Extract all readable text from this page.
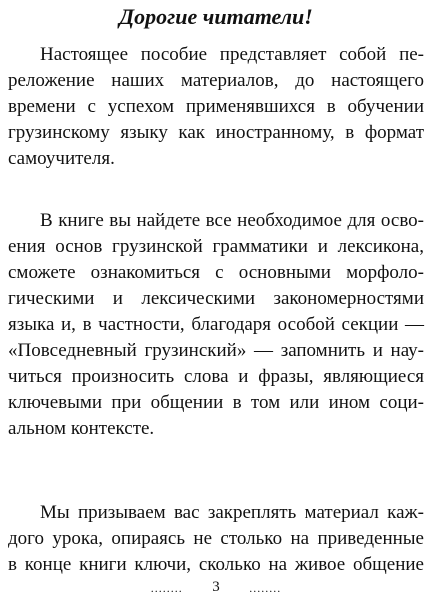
Дорогие читатели!
Настоящее пособие представляет собой пе-
реложение наших материалов, до настоящего
времени с успехом применявшихся в обучении
грузинскому языку как иностранному, в формат
самоучителя.
В книге вы найдете все необходимое для осво-
ения основ грузинской грамматики и лексикона,
сможете ознакомиться с основными морфоло-
гическими и лексическими закономерностями
языка и, в частности, благодаря особой секции —
«Повседневный грузинский» — запомнить и нау-
читься произносить слова и фразы, являющиеся
ключевыми при общении в том или ином соци-
альном контексте.
Мы призываем вас закреплять материал каж-
дого урока, опираясь не столько на приведенные
в конце книги ключи, сколько на живое общение
........ 3 ........
